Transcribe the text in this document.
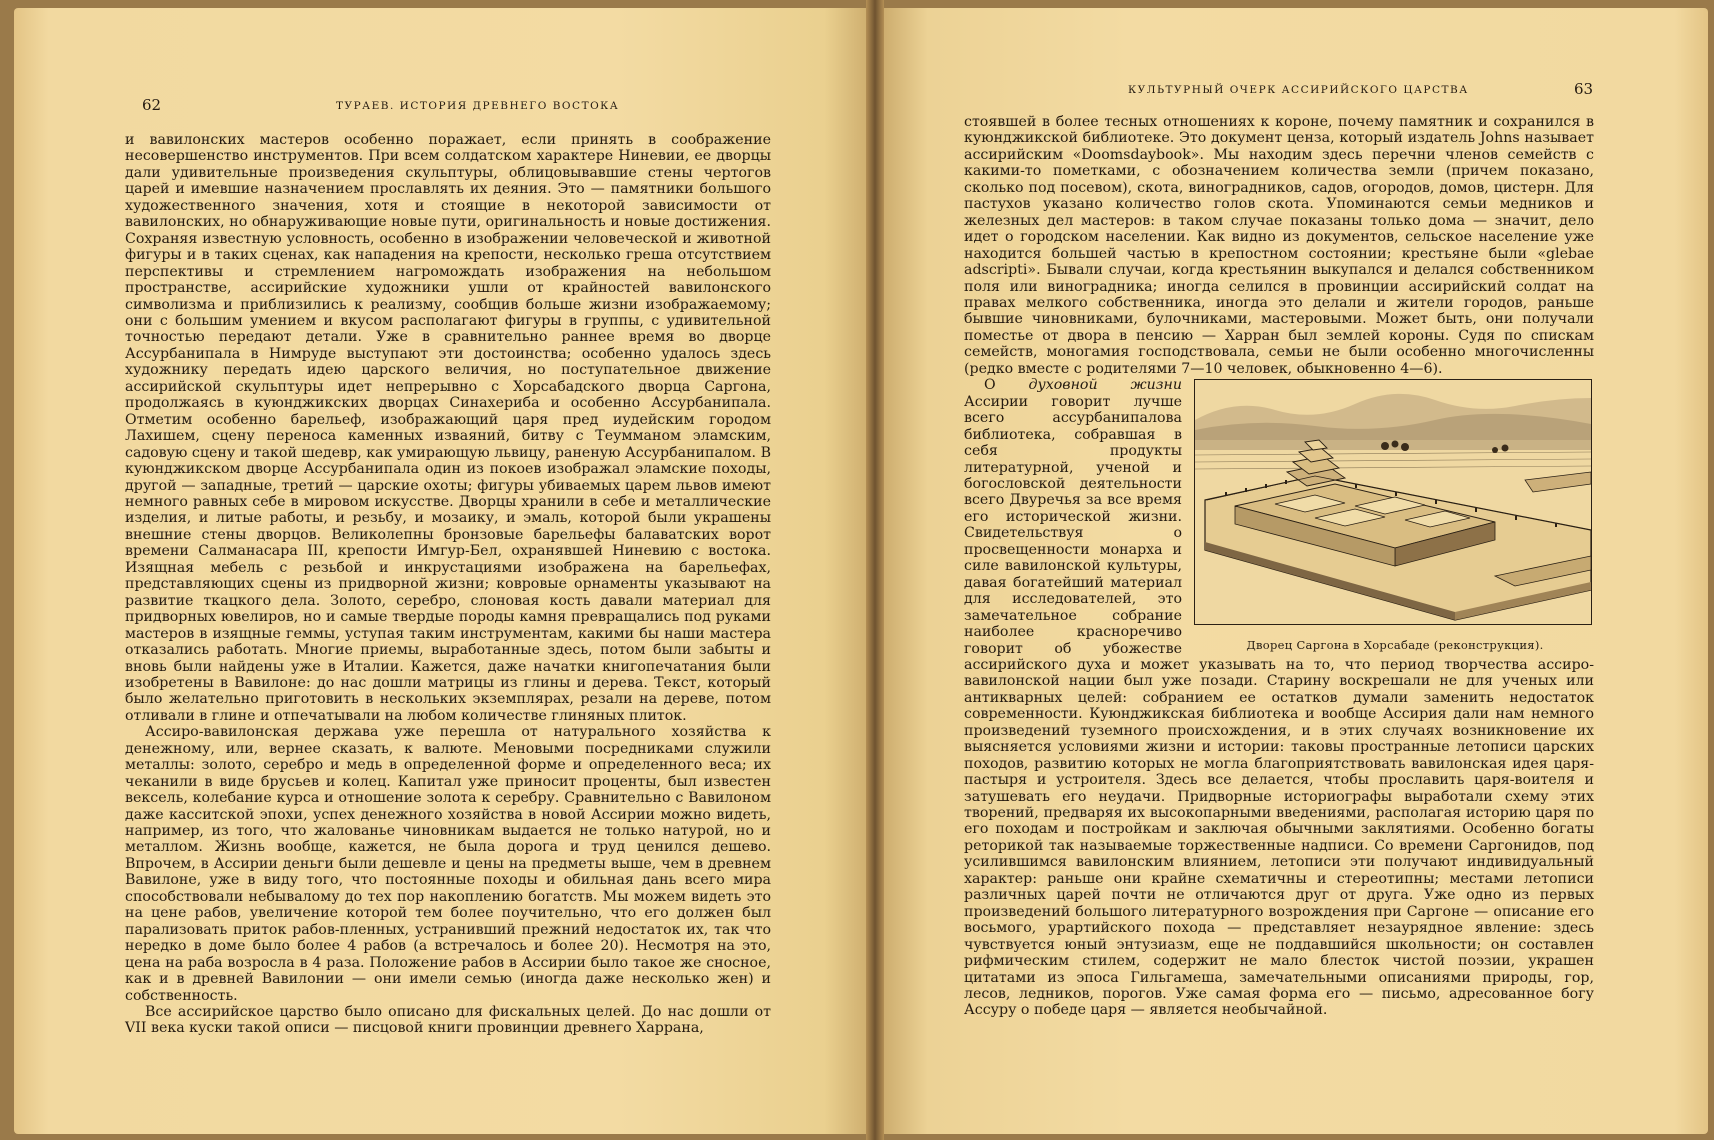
62	ТУРАЕВ. ИСТОРИЯ ДРЕВНЕГО ВОСТОКА
КУЛЬТУРНЫЙ ОЧЕРК АССИРИЙСКОГО ЦАРСТВА	63

и вавилонских мастеров особенно поражает, если принять в соображение несовершенство инструментов. При всем солдатском характере Ниневии, ее дворцы дали удивительные произведения скульптуры, облицовывавшие стены чертогов царей и имевшие назначением прославлять их деяния. Это — памятники большого художественного значения, хотя и стоящие в некоторой зависимости от вавилонских, но обнаруживающие новые пути, оригинальность и новые достижения. Сохраняя известную условность, особенно в изображении человеческой и животной фигуры и в таких сценах, как нападения на крепости, несколько греша отсутствием перспективы и стремлением нагромождать изображения на небольшом пространстве, ассирийские художники ушли от крайностей вавилонского символизма и приблизились к реализму, сообщив больше жизни изображаемому; они с большим умением и вкусом располагают фигуры в группы, с удивительной точностью передают детали. Уже в сравнительно раннее время во дворце Ассурбанипала в Нимруде выступают эти достоинства; особенно удалось здесь художнику передать идею царского величия, но поступательное движение ассирийской скульптуры идет непрерывно с Хорсабадского дворца Саргона, продолжаясь в куюнджикских дворцах Синахериба и особенно Ассурбанипала. Отметим особенно барельеф, изображающий царя пред иудейским городом Лахишем, сцену переноса каменных изваяний, битву с Теумманом эламским, садовую сцену и такой шедевр, как умирающую львицу, раненую Ассурбанипалом. В куюнджикском дворце Ассурбанипала один из покоев изображал эламские походы, другой — западные, третий — царские охоты; фигуры убиваемых царем львов имеют немного равных себе в мировом искусстве. Дворцы хранили в себе и металлические изделия, и литые работы, и резьбу, и мозаику, и эмаль, которой были украшены внешние стены дворцов. Великолепны бронзовые барельефы балаватских ворот времени Салманасара III, крепости Имгур-Бел, охранявшей Ниневию с востока. Изящная мебель с резьбой и инкрустациями изображена на барельефах, представляющих сцены из придворной жизни; ковровые орнаменты указывают на развитие ткацкого дела. Золото, серебро, слоновая кость давали материал для придворных ювелиров, но и самые твердые породы камня превращались под руками мастеров в изящные геммы, уступая таким инструментам, какими бы наши мастера отказались работать. Многие приемы, выработанные здесь, потом были забыты и вновь были найдены уже в Италии. Кажется, даже начатки книгопечатания были изобретены в Вавилоне: до нас дошли матрицы из глины и дерева. Текст, который было желательно приготовить в нескольких экземплярах, резали на дереве, потом отливали в глине и отпечатывали на любом количестве глиняных плиток.

Ассиро-вавилонская держава уже перешла от натурального хозяйства к денежному, или, вернее сказать, к валюте. Меновыми посредниками служили металлы: золото, серебро и медь в определенной форме и определенного веса; их чеканили в виде брусьев и колец. Капитал уже приносит проценты, был известен вексель, колебание курса и отношение золота к серебру. Сравнительно с Вавилоном даже касситской эпохи, успех денежного хозяйства в новой Ассирии можно видеть, например, из того, что жалованье чиновникам выдается не только натурой, но и металлом. Жизнь вообще, кажется, не была дорога и труд ценился дешево. Впрочем, в Ассирии деньги были дешевле и цены на предметы выше, чем в древнем Вавилоне, уже в виду того, что постоянные походы и обильная дань всего мира способствовали небывалому до тех пор накоплению богатств. Мы можем видеть это на цене рабов, увеличение которой тем более поучительно, что его должен был парализовать приток рабов-пленных, устранивший прежний недостаток их, так что нередко в доме было более 4 рабов (а встречалось и более 20). Несмотря на это, цена на раба возросла в 4 раза. Положение рабов в Ассирии было такое же сносное, как и в древней Вавилонии — они имели семью (иногда даже несколько жен) и собственность.

Все ассирийское царство было описано для фискальных целей. До нас дошли от VII века куски такой описи — писцовой книги провинции древнего Харрана,

стоявшей в более тесных отношениях к короне, почему памятник и сохранился в куюнджикской библиотеке. Это документ ценза, который издатель Johns называет ассирийским «Doomsdaybook». Мы находим здесь перечни членов семейств с какими-то пометками, с обозначением количества земли (причем показано, сколько под посевом), скота, виноградников, садов, огородов, домов, цистерн. Для пастухов указано количество голов скота. Упоминаются семьи медников и железных дел мастеров: в таком случае показаны только дома — значит, дело идет о городском населении. Как видно из документов, сельское население уже находится большей частью в крепостном состоянии; крестьяне были «glebae adscripti». Бывали случаи, когда крестьянин выкупался и делался собственником поля или виноградника; иногда селился в провинции ассирийский солдат на правах мелкого собственника, иногда это делали и жители городов, раньше бывшие чиновниками, булочниками, мастеровыми. Может быть, они получали поместье от двора в пенсию — Харран был землей короны. Судя по спискам семейств, моногамия господствовала, семьи не были особенно многочисленны (редко вместе с родителями 7—10 человек, обыкновенно 4—6).

Дворец Саргона в Хорсабаде (реконструкция).

О духовной жизни Ассирии говорит лучше всего ассурбанипалова библиотека, собравшая в себя продукты литературной, ученой и богословской деятельности всего Двуречья за все время его исторической жизни. Свидетельствуя о просвещенности монарха и силе вавилонской культуры, давая богатейший материал для исследователей, это замечательное собрание наиболее красноречиво говорит об убожестве ассирийского духа и может указывать на то, что период творчества ассиро-вавилонской нации был уже позади. Старину воскрешали не для ученых или антикварных целей: собранием ее остатков думали заменить недостаток современности. Куюнджикская библиотека и вообще Ассирия дали нам немного произведений туземного происхождения, и в этих случаях возникновение их выясняется условиями жизни и истории: таковы пространные летописи царских походов, развитию которых не могла благоприятствовать вавилонская идея царя-пастыря и устроителя. Здесь все делается, чтобы прославить царя-воителя и затушевать его неудачи. Придворные историографы выработали схему этих творений, предваряя их высокопарными введениями, располагая историю царя по его походам и постройкам и заключая обычными заклятиями. Особенно богаты реторикой так называемые торжественные надписи. Со времени Саргонидов, под усилившимся вавилонским влиянием, летописи эти получают индивидуальный характер: раньше они крайне схематичны и стереотипны; местами летописи различных царей почти не отличаются друг от друга. Уже одно из первых произведений большого литературного возрождения при Саргоне — описание его восьмого, урартийского похода — представляет незаурядное явление: здесь чувствуется юный энтузиазм, еще не поддавшийся школьности; он составлен рифмическим стилем, содержит не мало блесток чистой поэзии, украшен цитатами из эпоса Гильгамеша, замечательными описаниями природы, гор, лесов, ледников, порогов. Уже самая форма его — письмо, адресованное богу Ассуру о победе царя — является необычайной.
